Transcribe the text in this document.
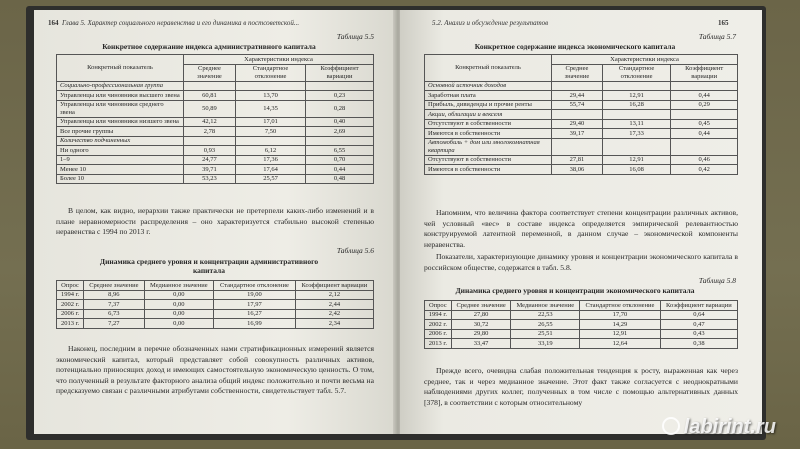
164 Глава 5. Характер социального неравенства и его динамика в постсоветской...
Таблица 5.5
Конкретное содержание индекса административного капитала
Конкретный показатель	Характеристики индекса		
	Среднее значение	Стандартное отклонение	Коэффициент вариации
Социально-профессиональная группа			
Управленцы или чиновники высшего звена	60,81	13,70	0,23
Управленцы или чиновники среднего звена	50,89	14,35	0,28
Управленцы или чиновники низшего звена	42,12	17,01	0,40
Все прочие группы	2,78	7,50	2,69
Количество подчиненных			
Ни одного	0,93	6,12	6,55
1–9	24,77	17,36	0,70
Менее 10	39,71	17,64	0,44
Более 10	53,23	25,57	0,48
В целом, как видно, иерархии также практически не претерпели каких-либо изменений и в плане неравномерности распределения – оно характеризуется стабильно высокой степенью неравенства с 1994 по 2013 г.
Таблица 5.6
Динамика среднего уровня и концентрации административного капитала
Опрос	Среднее значение	Медианное значение	Стандартное отклонение	Коэффициент вариации
1994 г.	8,96	0,00	19,00	2,12
2002 г.	7,37	0,00	17,97	2,44
2006 г.	6,73	0,00	16,27	2,42
2013 г.	7,27	0,00	16,99	2,34
Наконец, последним в перечне обозначенных нами стратификационных измерений является экономический капитал, который представляет собой совокупность различных активов, потенциально приносящих доход и имеющих самостоятельную экономическую ценность. О том, что полученный в результате факторного анализа общий индекс положительно и почти весьма на предсказуемо связан с различными атрибутами собственности, свидетельствует табл. 5.7.
5.2. Анализ и обсуждение результатов	165
Таблица 5.7
Конкретное содержание индекса экономического капитала
Конкретный показатель	Характеристики индекса		
	Среднее значение	Стандартное отклонение	Коэффициент вариации
Основной источник доходов			
Заработная плата	29,44	12,91	0,44
Прибыль, дивиденды и прочие ренты	55,74	16,28	0,29
Акции, облигации и векселя			
Отсутствуют в собственности	29,40	13,11	0,45
Имеются в собственности	39,17	17,33	0,44
Автомобиль + дом или многокомнатная квартира			
Отсутствуют в собственности	27,81	12,91	0,46
Имеются в собственности	38,06	16,08	0,42
Напомним, что величина фактора соответствует степени концентрации различных активов, чей условный «вес» в составе индекса определяется эмпирической релевантностью конструируемой латентной переменной, в данном случае – экономической компоненты неравенства.
Показатели, характеризующие динамику уровня и концентрации экономического капитала в российском обществе, содержатся в табл. 5.8.
Таблица 5.8
Динамика среднего уровня и концентрации экономического капитала
Опрос	Среднее значение	Медианное значение	Стандартное отклонение	Коэффициент вариации
1994 г.	27,80	22,53	17,70	0,64
2002 г.	30,72	26,55	14,29	0,47
2006 г.	29,80	25,51	12,91	0,43
2013 г.	33,47	33,19	12,64	0,38
Прежде всего, очевидна слабая положительная тенденция к росту, выраженная как через среднее, так и через медианное значение. Этот факт также согласуется с неоднократными наблюдениями других коллег, полученных в том числе с помощью альтернативных данных [378], в соответствии с которым относительному
labirint.ru
